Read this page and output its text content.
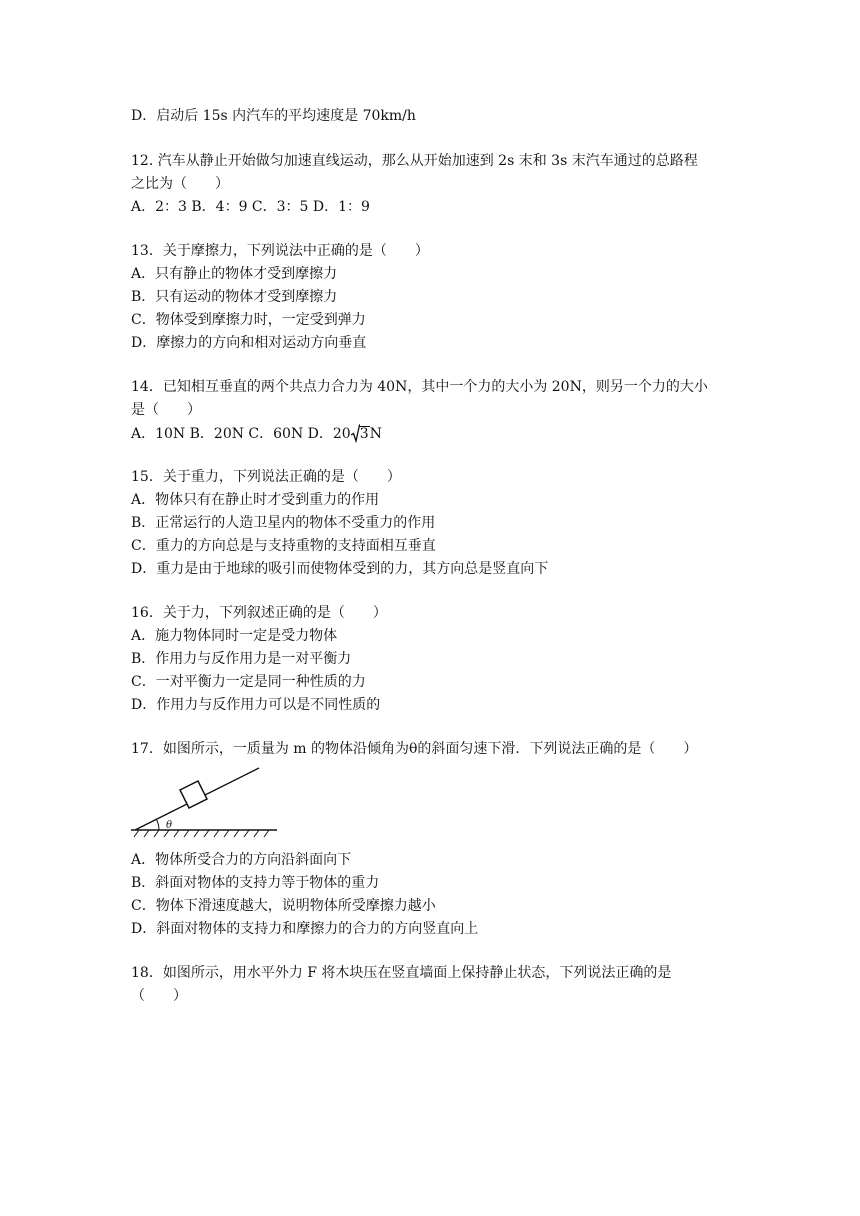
D．启动后 15s 内汽车的平均速度是 70km/h
12. 汽车从静止开始做匀加速直线运动，那么从开始加速到 2s 末和 3s 末汽车通过的总路程
之比为（　　）
A．2：3 B．4：9 C．3：5 D．1：9
13．关于摩擦力，下列说法中正确的是（　　）
A．只有静止的物体才受到摩擦力
B．只有运动的物体才受到摩擦力
C．物体受到摩擦力时，一定受到弹力
D．摩擦力的方向和相对运动方向垂直
14．已知相互垂直的两个共点力合力为 40N，其中一个力的大小为 20N，则另一个力的大小
是（　　）
A．10N B．20N C．60N D．20 3N
15．关于重力，下列说法正确的是（　　）
A．物体只有在静止时才受到重力的作用
B．正常运行的人造卫星内的物体不受重力的作用
C．重力的方向总是与支持重物的支持面相互垂直
D．重力是由于地球的吸引而使物体受到的力，其方向总是竖直向下
16．关于力，下列叙述正确的是（　　）
A．施力物体同时一定是受力物体
B．作用力与反作用力是一对平衡力
C．一对平衡力一定是同一种性质的力
D．作用力与反作用力可以是不同性质的
17．如图所示，一质量为 m 的物体沿倾角为θ的斜面匀速下滑．下列说法正确的是（　　）
θ
A．物体所受合力的方向沿斜面向下
B．斜面对物体的支持力等于物体的重力
C．物体下滑速度越大，说明物体所受摩擦力越小
D．斜面对物体的支持力和摩擦力的合力的方向竖直向上
18．如图所示，用水平外力 F 将木块压在竖直墙面上保持静止状态，下列说法正确的是
（　　）
